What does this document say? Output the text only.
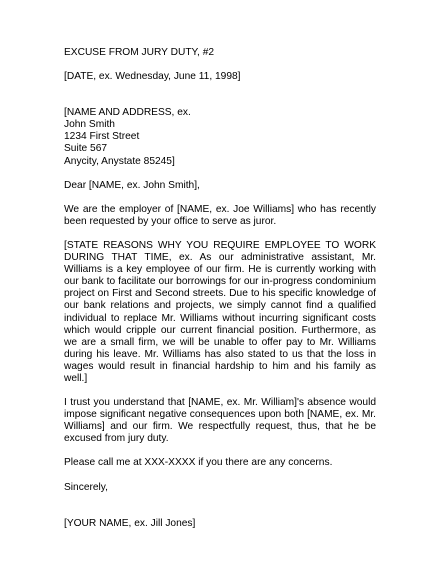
EXCUSE FROM JURY DUTY, #2
[DATE, ex. Wednesday, June 11, 1998]
[NAME AND ADDRESS, ex.
John Smith
1234 First Street
Suite 567
Anycity, Anystate 85245]
Dear [NAME, ex. John Smith],
We are the employer of [NAME, ex. Joe Williams] who has recently been requested by your office to serve as juror.
[STATE REASONS WHY YOU REQUIRE EMPLOYEE TO WORK DURING THAT TIME, ex. As our administrative assistant, Mr. Williams is a key employee of our firm. He is currently working with our bank to facilitate our borrowings for our in-progress condominium project on First and Second streets. Due to his specific knowledge of our bank relations and projects, we simply cannot find a qualified individual to replace Mr. Williams without incurring significant costs which would cripple our current financial position. Furthermore, as we are a small firm, we will be unable to offer pay to Mr. Williams during his leave. Mr. Williams has also stated to us that the loss in wages would result in financial hardship to him and his family as well.]
I trust you understand that [NAME, ex. Mr. William]'s absence would impose significant negative consequences upon both [NAME, ex. Mr. Williams] and our firm. We respectfully request, thus, that he be excused from jury duty.
Please call me at XXX-XXXX if you there are any concerns.
Sincerely,
[YOUR NAME, ex. Jill Jones]
